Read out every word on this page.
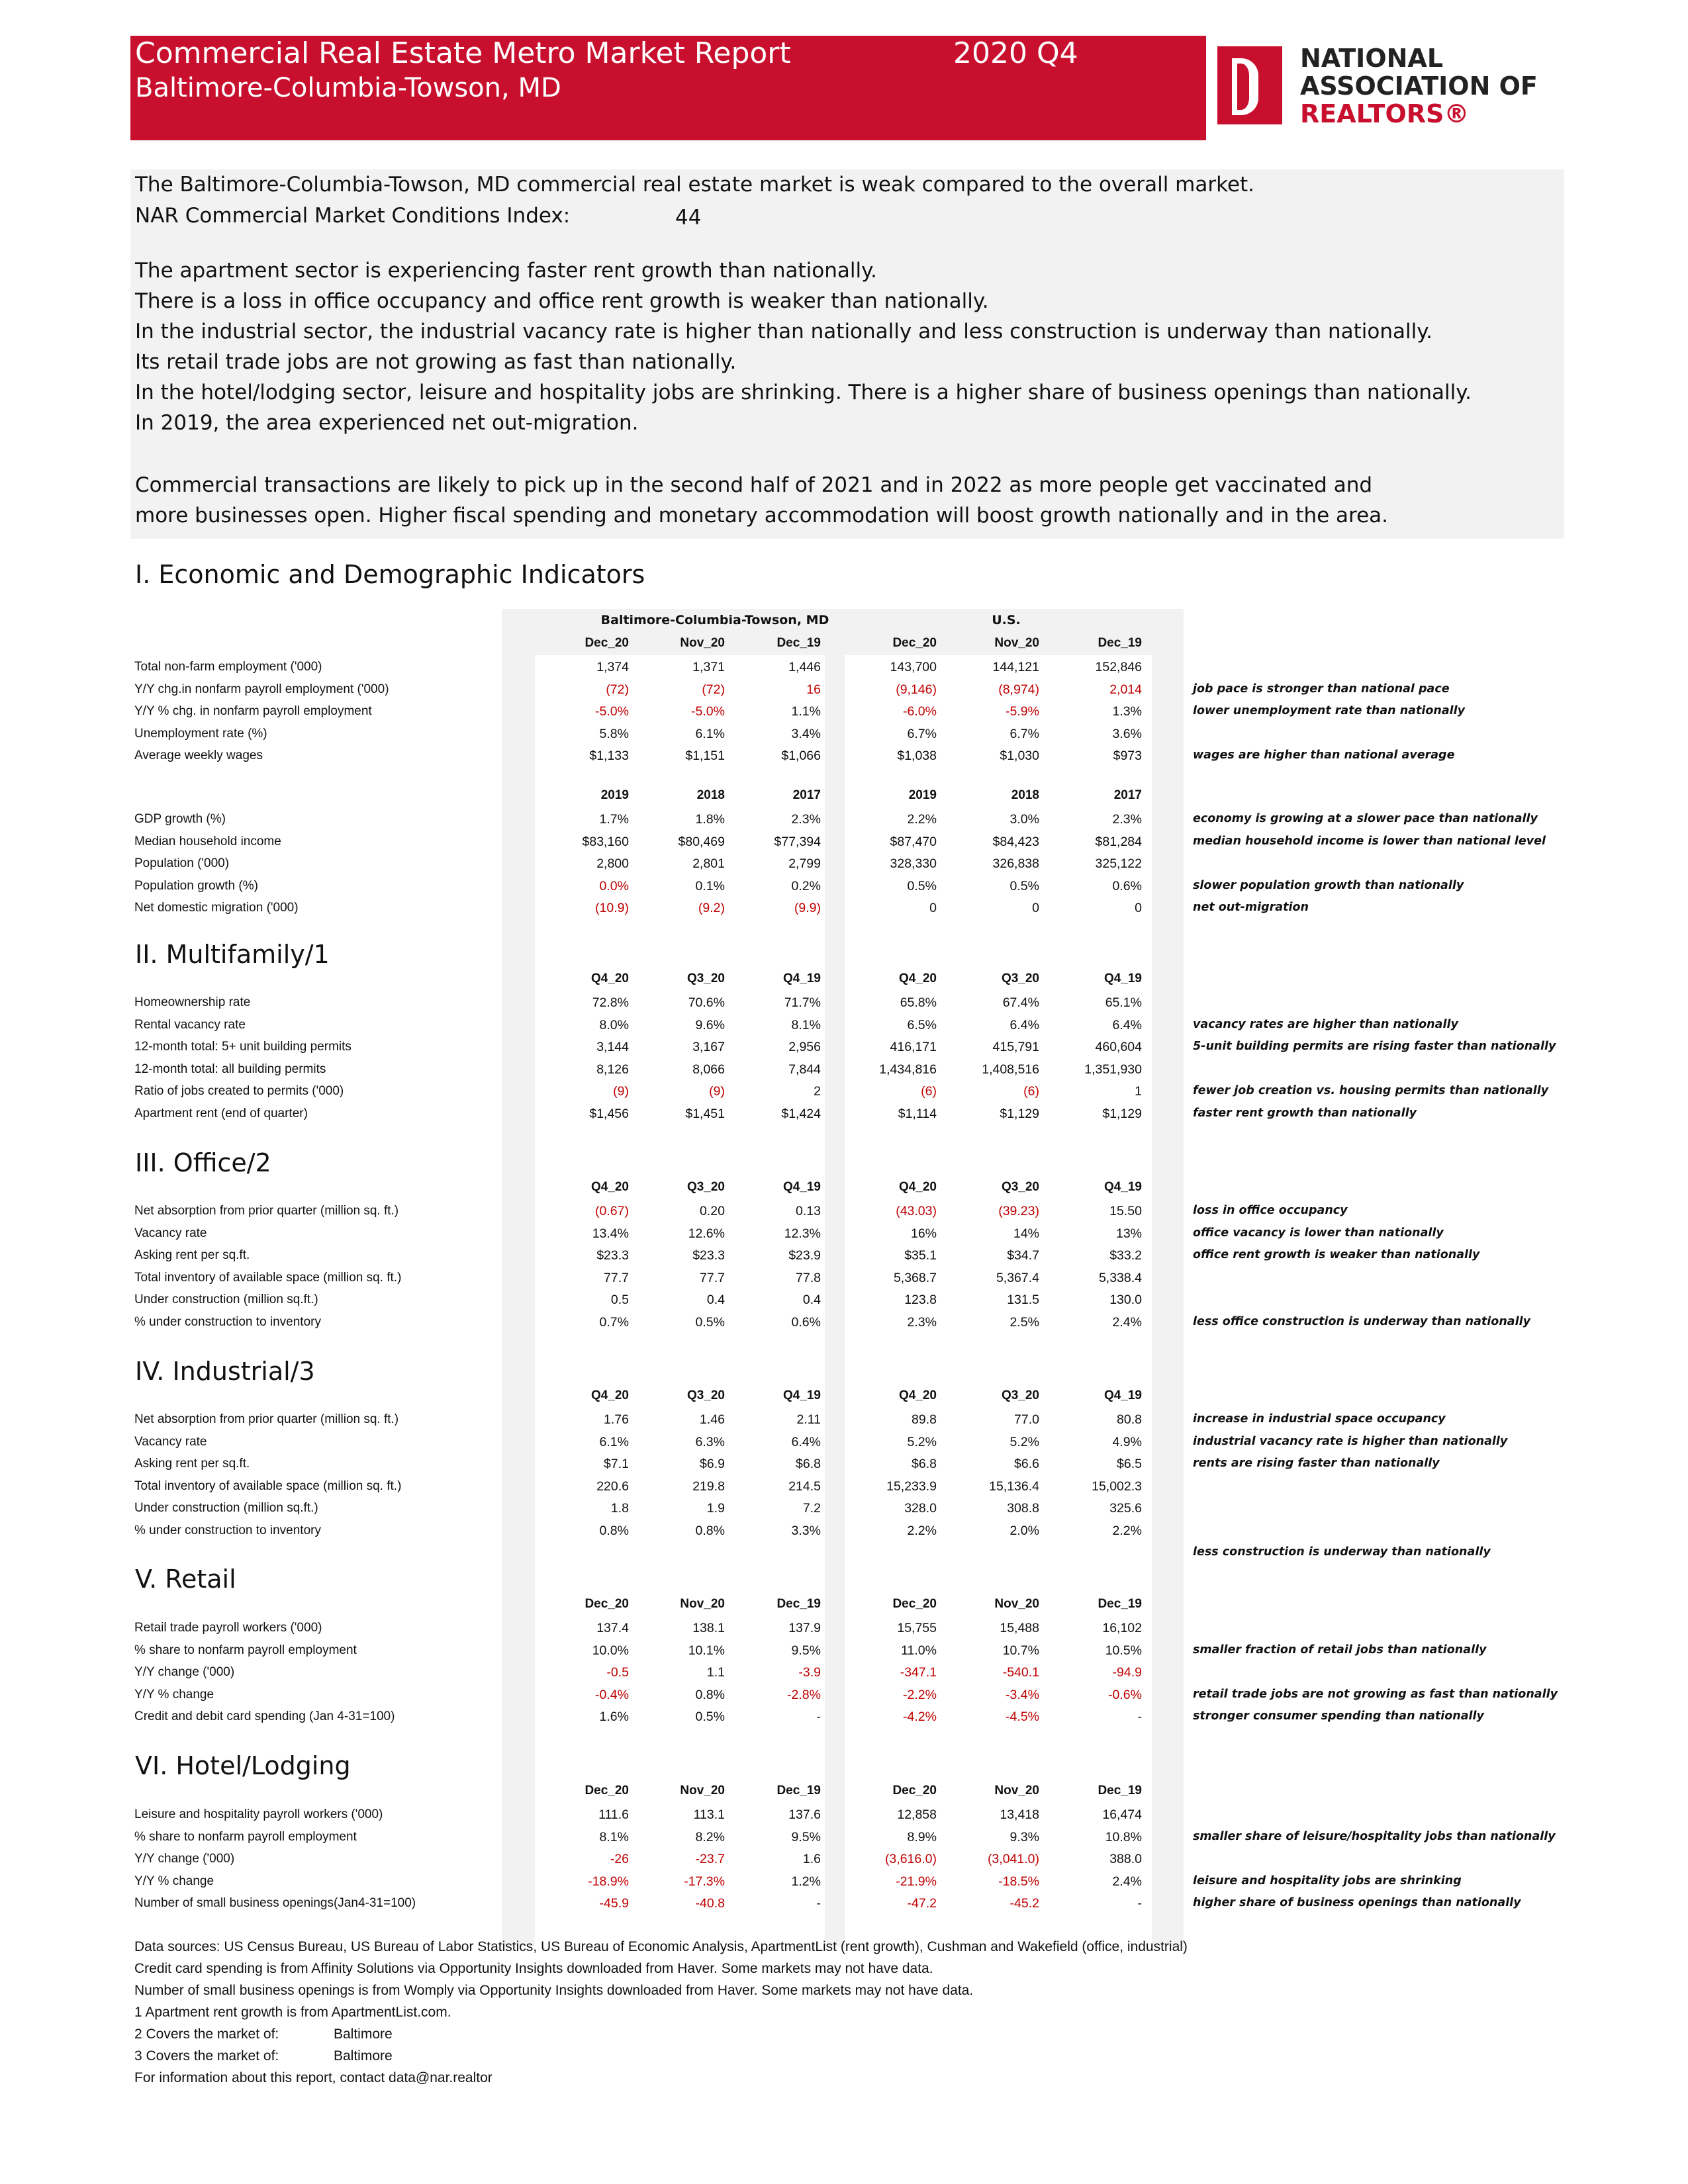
Commercial Real Estate Metro Market Report	2020 Q4
Baltimore-Columbia-Towson, MD
NATIONAL
ASSOCIATION OF
REALTORS®
The Baltimore-Columbia-Towson, MD commercial real estate market is weak compared to the overall market.
NAR Commercial Market Conditions Index:	44
The apartment sector is experiencing faster rent growth than nationally.
There is a loss in office occupancy and office rent growth is weaker than nationally.
In the industrial sector, the industrial vacancy rate is higher than nationally and less construction is underway than nationally.
Its retail trade jobs are not growing as fast than nationally.
In the hotel/lodging sector, leisure and hospitality jobs are shrinking. There is a higher share of business openings than nationally.
In 2019, the area experienced net out-migration.
Commercial transactions are likely to pick up in the second half of 2021 and in 2022 as more people get vaccinated and
more businesses open. Higher fiscal spending and monetary accommodation will boost growth nationally and in the area.
Baltimore-Columbia-Towson, MD	U.S.
I. Economic and Demographic Indicators
Dec_20	Nov_20	Dec_19	Dec_20	Nov_20	Dec_19
Total non-farm employment ('000)	1,374	1,371	1,446	143,700	144,121	152,846
Y/Y chg.in nonfarm payroll employment ('000)	(72)	(72)	16	(9,146)	(8,974)	2,014	job pace is stronger than national pace
Y/Y % chg. in nonfarm payroll employment	-5.0%	-5.0%	1.1%	-6.0%	-5.9%	1.3%	lower unemployment rate than nationally
Unemployment rate (%)	5.8%	6.1%	3.4%	6.7%	6.7%	3.6%
Average weekly wages	$1,133	$1,151	$1,066	$1,038	$1,030	$973	wages are higher than national average
2019	2018	2017	2019	2018	2017
GDP growth (%)	1.7%	1.8%	2.3%	2.2%	3.0%	2.3%	economy is growing at a slower pace than nationally
Median household income	$83,160	$80,469	$77,394	$87,470	$84,423	$81,284	median household income is lower than national level
Population ('000)	2,800	2,801	2,799	328,330	326,838	325,122
Population growth (%)	0.0%	0.1%	0.2%	0.5%	0.5%	0.6%	slower population growth than nationally
Net domestic migration ('000)	(10.9)	(9.2)	(9.9)	0	0	0	net out-migration
II. Multifamily/1
Q4_20	Q3_20	Q4_19	Q4_20	Q3_20	Q4_19
Homeownership rate	72.8%	70.6%	71.7%	65.8%	67.4%	65.1%
Rental vacancy rate	8.0%	9.6%	8.1%	6.5%	6.4%	6.4%	vacancy rates are higher than nationally
12-month total: 5+ unit building permits	3,144	3,167	2,956	416,171	415,791	460,604	5-unit building permits are rising faster than nationally
12-month total: all building permits	8,126	8,066	7,844	1,434,816	1,408,516	1,351,930
Ratio of jobs created to permits ('000)	(9)	(9)	2	(6)	(6)	1	fewer job creation vs. housing permits than nationally
Apartment rent (end of quarter)	$1,456	$1,451	$1,424	$1,114	$1,129	$1,129	faster rent growth than nationally
III. Office/2
Q4_20	Q3_20	Q4_19	Q4_20	Q3_20	Q4_19
Net absorption from prior quarter (million sq. ft.)	(0.67)	0.20	0.13	(43.03)	(39.23)	15.50	loss in office occupancy
Vacancy rate	13.4%	12.6%	12.3%	16%	14%	13%	office vacancy is lower than nationally
Asking rent per sq.ft.	$23.3	$23.3	$23.9	$35.1	$34.7	$33.2	office rent growth is weaker than nationally
Total inventory of available space (million sq. ft.)	77.7	77.7	77.8	5,368.7	5,367.4	5,338.4
Under construction (million sq.ft.)	0.5	0.4	0.4	123.8	131.5	130.0
% under construction to inventory	0.7%	0.5%	0.6%	2.3%	2.5%	2.4%	less office construction is underway than nationally
IV. Industrial/3
Q4_20	Q3_20	Q4_19	Q4_20	Q3_20	Q4_19
Net absorption from prior quarter (million sq. ft.)	1.76	1.46	2.11	89.8	77.0	80.8	increase in industrial space occupancy
Vacancy rate	6.1%	6.3%	6.4%	5.2%	5.2%	4.9%	industrial vacancy rate is higher than nationally
Asking rent per sq.ft.	$7.1	$6.9	$6.8	$6.8	$6.6	$6.5	rents are rising faster than nationally
Total inventory of available space (million sq. ft.)	220.6	219.8	214.5	15,233.9	15,136.4	15,002.3
Under construction (million sq.ft.)	1.8	1.9	7.2	328.0	308.8	325.6
% under construction to inventory	0.8%	0.8%	3.3%	2.2%	2.0%	2.2%
less construction is underway than nationally
V. Retail
Dec_20	Nov_20	Dec_19	Dec_20	Nov_20	Dec_19
Retail trade payroll workers ('000)	137.4	138.1	137.9	15,755	15,488	16,102
% share to nonfarm payroll employment	10.0%	10.1%	9.5%	11.0%	10.7%	10.5%	smaller fraction of retail jobs than nationally
Y/Y change ('000)	-0.5	1.1	-3.9	-347.1	-540.1	-94.9
Y/Y % change	-0.4%	0.8%	-2.8%	-2.2%	-3.4%	-0.6%	retail trade jobs are not growing as fast than nationally
Credit and debit card spending (Jan 4-31=100)	1.6%	0.5%	-	-4.2%	-4.5%	-	stronger consumer spending than nationally
VI. Hotel/Lodging
Dec_20	Nov_20	Dec_19	Dec_20	Nov_20	Dec_19
Leisure and hospitality payroll workers ('000)	111.6	113.1	137.6	12,858	13,418	16,474
% share to nonfarm payroll employment	8.1%	8.2%	9.5%	8.9%	9.3%	10.8%	smaller share of leisure/hospitality jobs than nationally
Y/Y change ('000)	-26	-23.7	1.6	(3,616.0)	(3,041.0)	388.0
Y/Y % change	-18.9%	-17.3%	1.2%	-21.9%	-18.5%	2.4%	leisure and hospitality jobs are shrinking
Number of small business openings(Jan4-31=100)	-45.9	-40.8	-	-47.2	-45.2	-	higher share of business openings than nationally
Data sources: US Census Bureau, US Bureau of Labor Statistics, US Bureau of Economic Analysis, ApartmentList (rent growth), Cushman and Wakefield (office, industrial)
Credit card spending is from Affinity Solutions via Opportunity Insights downloaded from Haver. Some markets may not have data.
Number of small business openings is from Womply via Opportunity Insights downloaded from Haver. Some markets may not have data.
1 Apartment rent growth is from ApartmentList.com.
2 Covers the market of:	Baltimore
3 Covers the market of:	Baltimore
For information about this report, contact data@nar.realtor
